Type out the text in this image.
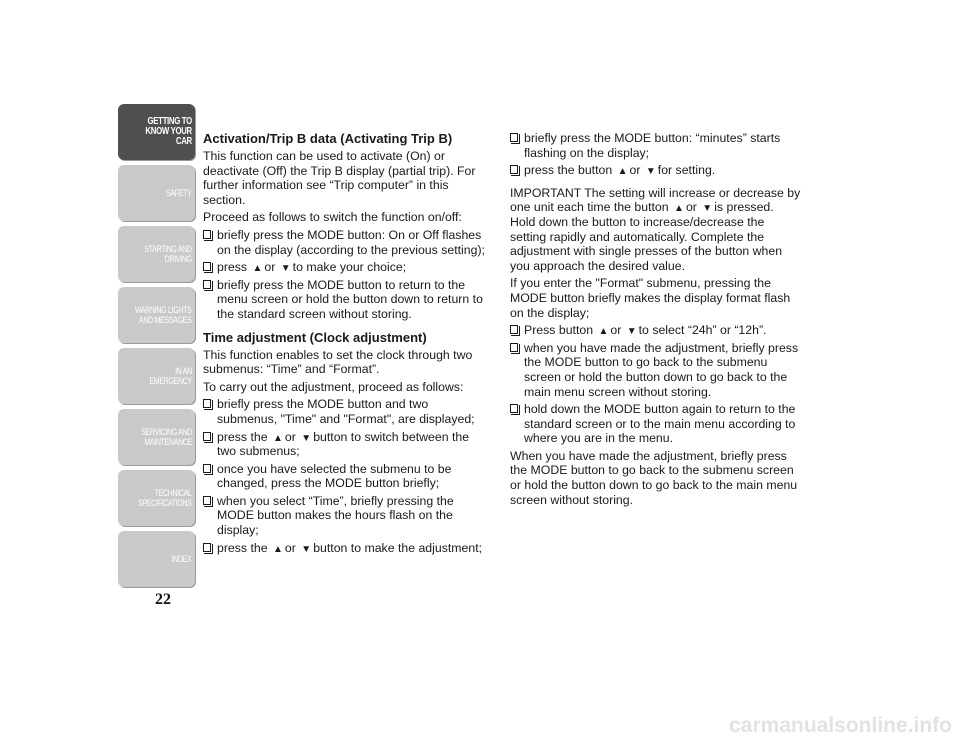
GETTING TO
KNOW YOUR CAR
SAFETY
STARTING AND
DRIVING
WARNING LIGHTS
AND MESSAGES
IN AN EMERGENCY
SERVICING AND
MAINTENANCE
TECHNICAL
SPECIFICATIONS
INDEX
22
Activation/Trip B data (Activating Trip B)

This function can be used to activate (On) or deactivate (Off) the Trip B display (partial trip). For further information see “Trip computer” in this section.

Proceed as follows to switch the function on/off:

briefly press the MODE button: On or Off flashes on the display (according to the previous setting);
press ▲ or ▼ to make your choice;
briefly press the MODE button to return to the menu screen or hold the button down to return to the standard screen without storing.
Time adjustment (Clock adjustment)

This function enables to set the clock through two submenus: “Time” and “Format”.

To carry out the adjustment, proceed as follows:

briefly press the MODE button and two submenus, "Time" and "Format", are displayed;
press the ▲ or ▼ button to switch between the two submenus;
once you have selected the submenu to be changed, press the MODE button briefly;
when you select “Time”, briefly pressing the MODE button makes the hours flash on the display;
press the ▲ or ▼ button to make the adjustment;
briefly press the MODE button: “minutes” starts flashing on the display;
press the button ▲ or ▼ for setting.

IMPORTANT The setting will increase or decrease by one unit each time the button ▲ or ▼ is pressed. Hold down the button to increase/decrease the setting rapidly and automatically. Complete the adjustment with single presses of the button when you approach the desired value.

If you enter the "Format" submenu, pressing the MODE button briefly makes the display format flash on the display;

Press button ▲ or ▼ to select “24h” or “12h”.
when you have made the adjustment, briefly press the MODE button to go back to the submenu screen or hold the button down to go back to the main menu screen without storing.
hold down the MODE button again to return to the standard screen or to the main menu according to where you are in the menu.

When you have made the adjustment, briefly press the MODE button to go back to the submenu screen or hold the button down to go back to the main menu screen without storing.

carmanualsonline.info
